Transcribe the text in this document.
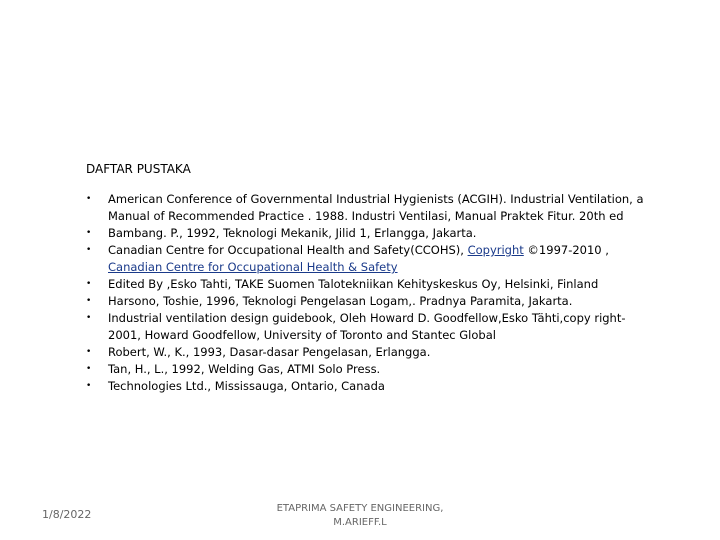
DAFTAR PUSTAKA
•	American Conference of Governmental Industrial Hygienists (ACGIH). Industrial Ventilation, a Manual of Recommended Practice . 1988. Industri Ventilasi, Manual Praktek Fitur. 20th ed
•	Bambang. P., 1992, Teknologi Mekanik, Jilid 1, Erlangga, Jakarta.
•	Canadian Centre for Occupational Health and Safety(CCOHS), Copyright ©1997-2010 , Canadian Centre for Occupational Health & Safety
•	Edited By ,Esko Tahti, TAKE Suomen Talotekniikan Kehityskeskus Oy, Helsinki, Finland
•	Harsono, Toshie, 1996, Teknologi Pengelasan Logam,. Pradnya Paramita, Jakarta.
•	Industrial ventilation design guidebook, Oleh Howard D. Goodfellow,Esko Tähti,copy right-2001, Howard Goodfellow, University of Toronto and Stantec Global
•	Robert, W., K., 1993, Dasar-dasar Pengelasan, Erlangga.
•	Tan, H., L., 1992, Welding Gas, ATMI Solo Press.
•	Technologies Ltd., Mississauga, Ontario, Canada
1/8/2022	ETAPRIMA SAFETY ENGINEERING,
M.ARIEFF.L
